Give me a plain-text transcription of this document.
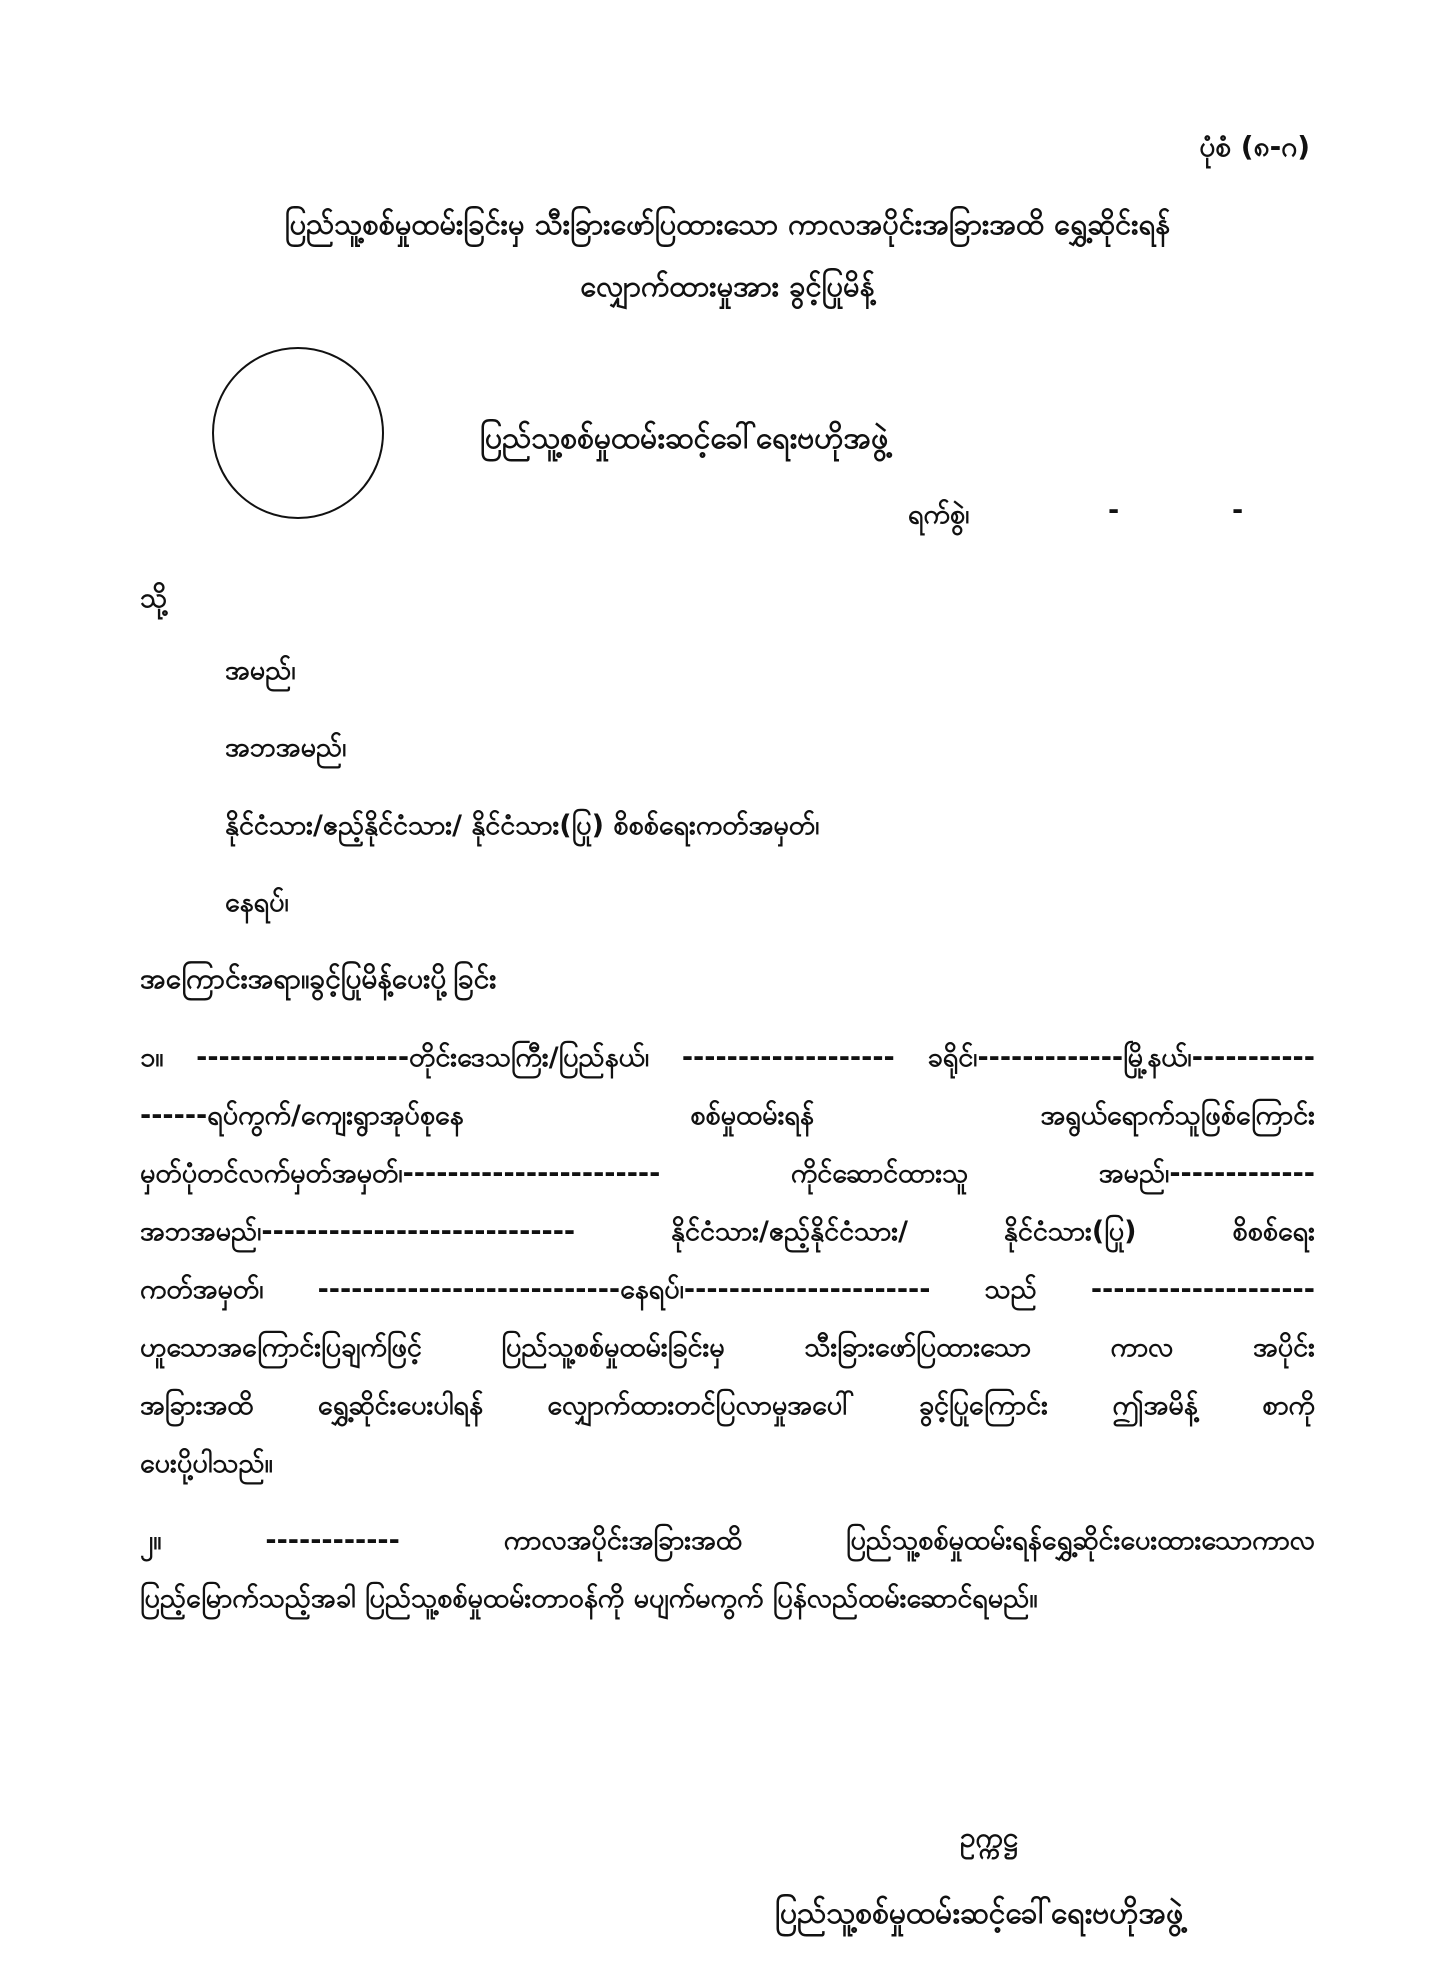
ပုံစံ (၈-ဂ)
ပြည်သူ့စစ်မှုထမ်းခြင်းမှ သီးခြားဖော်ပြထားသော ကာလအပိုင်းအခြားအထိ ရွှေ့ဆိုင်းရန်
လျှောက်ထားမှုအား ခွင့်ပြုမိန့်
ပြည်သူ့စစ်မှုထမ်းဆင့်ခေါ်ရေးဗဟိုအဖွဲ့
ရက်စွဲ၊	-	-
သို့
အမည်၊
အဘအမည်၊
နိုင်ငံသား/ဧည့်နိုင်ငံသား/ နိုင်ငံသား(ပြု) စိစစ်ရေးကတ်အမှတ်၊
နေရပ်၊
အကြောင်းအရာ။ခွင့်ပြုမိန့်ပေးပို့ခြင်း
၁။ -------------------တိုင်းဒေသကြီး/ပြည်နယ်၊ ------------------- ခရိုင်၊-------------မြို့နယ်၊-----------
------ရပ်ကွက်/ကျေးရွာအုပ်စုနေ	စစ်မှုထမ်းရန်	အရွယ်ရောက်သူဖြစ်ကြောင်း
မှတ်ပုံတင်လက်မှတ်အမှတ်၊-----------------------	ကိုင်ဆောင်ထားသူ	အမည်၊-------------
အဘအမည်၊----------------------------	နိုင်ငံသား/ဧည့်နိုင်ငံသား/	နိုင်ငံသား(ပြု)	စိစစ်ရေး
ကတ်အမှတ်၊ ---------------------------နေရပ်၊---------------------- သည် --------------------
ဟူသောအကြောင်းပြချက်ဖြင့်	ပြည်သူ့စစ်မှုထမ်းခြင်းမှ	သီးခြားဖော်ပြထားသော	ကာလ	အပိုင်း
အခြားအထိ ရွှေ့ဆိုင်းပေးပါရန် လျှောက်ထားတင်ပြလာမှုအပေါ် ခွင့်ပြုကြောင်း ဤအမိန့် စာကို
ပေးပို့ပါသည်။
၂။	------------	ကာလအပိုင်းအခြားအထိ	ပြည်သူ့စစ်မှုထမ်းရန်ရွှေ့ဆိုင်းပေးထားသောကာလ
ပြည့်မြောက်သည့်အခါ ပြည်သူ့စစ်မှုထမ်းတာဝန်ကို မပျက်မကွက် ပြန်လည်ထမ်းဆောင်ရမည်။
ဥက္ကဋ္ဌ
ပြည်သူ့စစ်မှုထမ်းဆင့်ခေါ်ရေးဗဟိုအဖွဲ့
